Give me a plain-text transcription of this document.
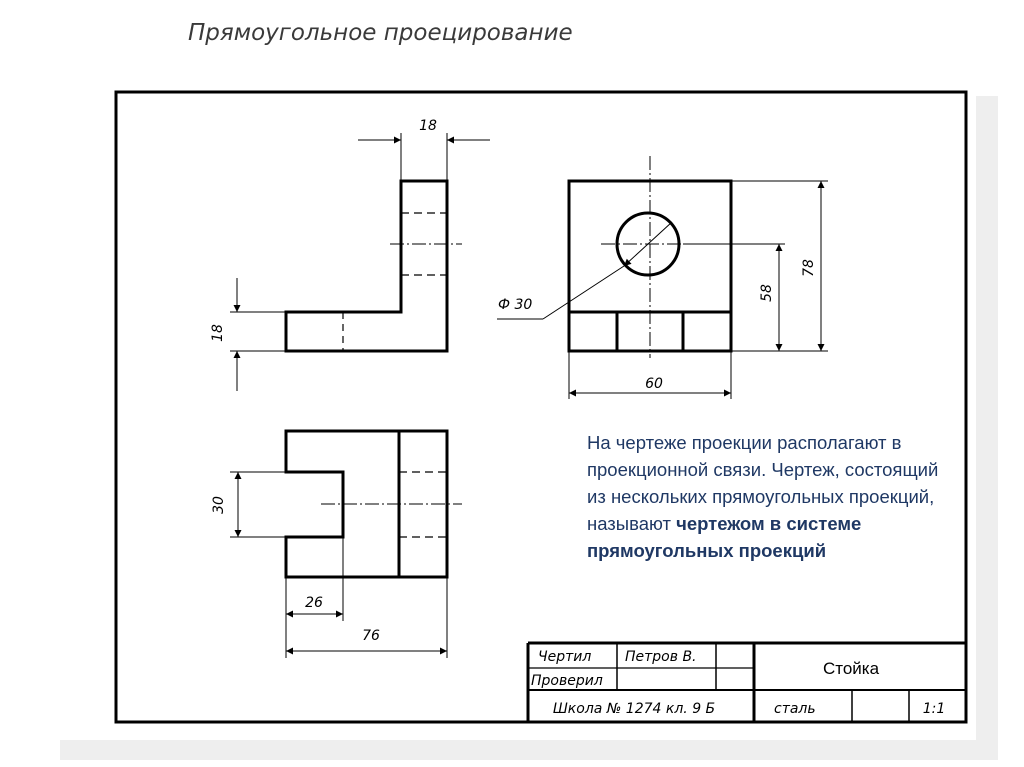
Прямоугольное проецирование
18
18
Ф 30
60
58
78
30
26
76
Чертил Петров В.
Проверил
Стойка
Школа № 1274 кл. 9 Б	сталь	1:1
На чертеже проекции располагают в проекционной связи. Чертеж, состоящий из нескольких прямоугольных проекций, называют чертежом в системе прямоугольных проекций
